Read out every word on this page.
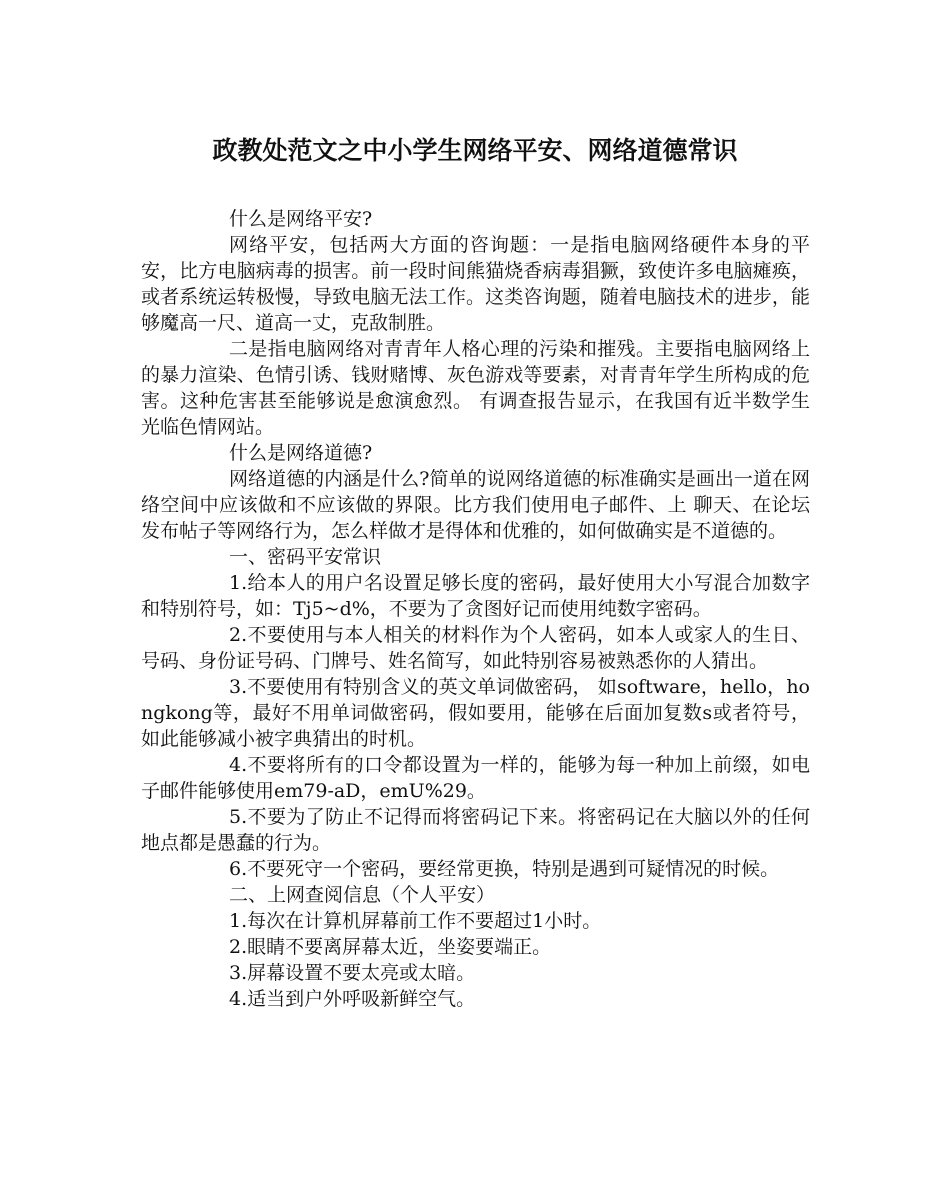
政教处范文之中小学生网络平安、网络道德常识

什么是网络平安?

网络平安，包括两大方面的咨询题：一是指电脑网络硬件本身的平安，比方电脑病毒的损害。前一段时间熊猫烧香病毒猖獗，致使许多电脑瘫痪，或者系统运转极慢，导致电脑无法工作。这类咨询题，随着电脑技术的进步，能够魔高一尺、道高一丈，克敌制胜。

二是指电脑网络对青青年人格心理的污染和摧残。主要指电脑网络上的暴力渲染、色情引诱、钱财赌博、灰色游戏等要素，对青青年学生所构成的危害。这种危害甚至能够说是愈演愈烈。 有调查报告显示，在我国有近半数学生光临色情网站。

什么是网络道德?

网络道德的内涵是什么?简单的说网络道德的标准确实是画出一道在网络空间中应该做和不应该做的界限。比方我们使用电子邮件、上 聊天、在论坛发布帖子等网络行为，怎么样做才是得体和优雅的，如何做确实是不道德的。

一、密码平安常识

1.给本人的用户名设置足够长度的密码，最好使用大小写混合加数字和特别符号，如：Tj5~d%，不要为了贪图好记而使用纯数字密码。

2.不要使用与本人相关的材料作为个人密码，如本人或家人的生日、号码、身份证号码、门牌号、姓名简写，如此特别容易被熟悉你的人猜出。

3.不要使用有特别含义的英文单词做密码， 如software，hello，hongkong等，最好不用单词做密码，假如要用，能够在后面加复数s或者符号，如此能够减小被字典猜出的时机。

4.不要将所有的口令都设置为一样的，能够为每一种加上前缀，如电子邮件能够使用em79-aD，emU%29。

5.不要为了防止不记得而将密码记下来。将密码记在大脑以外的任何地点都是愚蠢的行为。

6.不要死守一个密码，要经常更换，特别是遇到可疑情况的时候。

二、上网查阅信息（个人平安）

1.每次在计算机屏幕前工作不要超过1小时。

2.眼睛不要离屏幕太近，坐姿要端正。

3.屏幕设置不要太亮或太暗。

4.适当到户外呼吸新鲜空气。
